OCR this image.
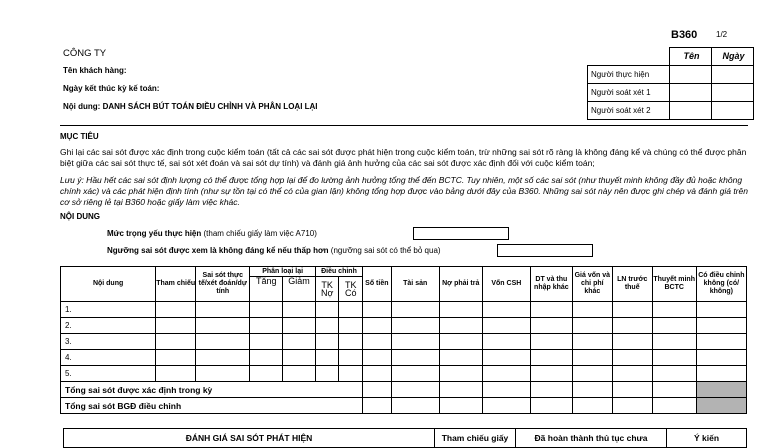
B360 1/2
CÔNG TY
Tên khách hàng:
Ngày kết thúc kỳ kế toán:
Nội dung: DANH SÁCH BÚT TOÁN ĐIỀU CHỈNH VÀ PHÂN LOẠI LẠI
	Tên	Ngày
Người thực hiện		
Người soát xét 1		
Người soát xét 2		
MỤC TIÊU
Ghi lại các sai sót được xác định trong cuộc kiểm toán (tất cả các sai sót được phát hiện trong cuộc kiểm toán, trừ những sai sót rõ ràng là không đáng kể và chúng có thể được phân biệt giữa các sai sót thực tế, sai sót xét đoán và sai sót dự tính) và đánh giá ảnh hưởng của các sai sót được xác định đối với cuộc kiểm toán;
Lưu ý: Hầu hết các sai sót định lượng có thể được tổng hợp lại để đo lường ảnh hưởng tổng thể đến BCTC. Tuy nhiên, một số các sai sót (như thuyết minh không đầy đủ hoặc không chính xác) và các phát hiện định tính (như sự tồn tại có thể có của gian lận) không tổng hợp được vào bảng dưới đây của B360. Những sai sót này nên được ghi chép và đánh giá trên cơ sở riêng lẻ tại B360 hoặc giấy làm việc khác.
NỘI DUNG
Mức trọng yếu thực hiện (tham chiếu giấy làm việc A710)
Ngưỡng sai sót được xem là không đáng kể nếu thấp hơn (ngưỡng sai sót có thể bỏ qua)
Nội dung	Tham chiếu	Sai sót thực tế/xét đoán/dự tính	Phân loại lại		Điều chỉnh		Số tiền	Tài sản	Nợ phải trả	Vốn CSH	DT và thu nhập khác	Giá vốn và chi phí khác	LN trước thuế	Thuyết minh BCTC	Có điều chỉnh không (có/ không)
			Tăng	Giảm	TK Nợ	TK Có									
1.															
2.															
3.															
4.															
5.															
Tổng sai sót được xác định trong kỳ															
Tổng sai sót BGĐ điều chỉnh															
ĐÁNH GIÁ SAI SÓT PHÁT HIỆN	Tham chiếu giấy	Đã hoàn thành thủ tục chưa	Ý kiến
